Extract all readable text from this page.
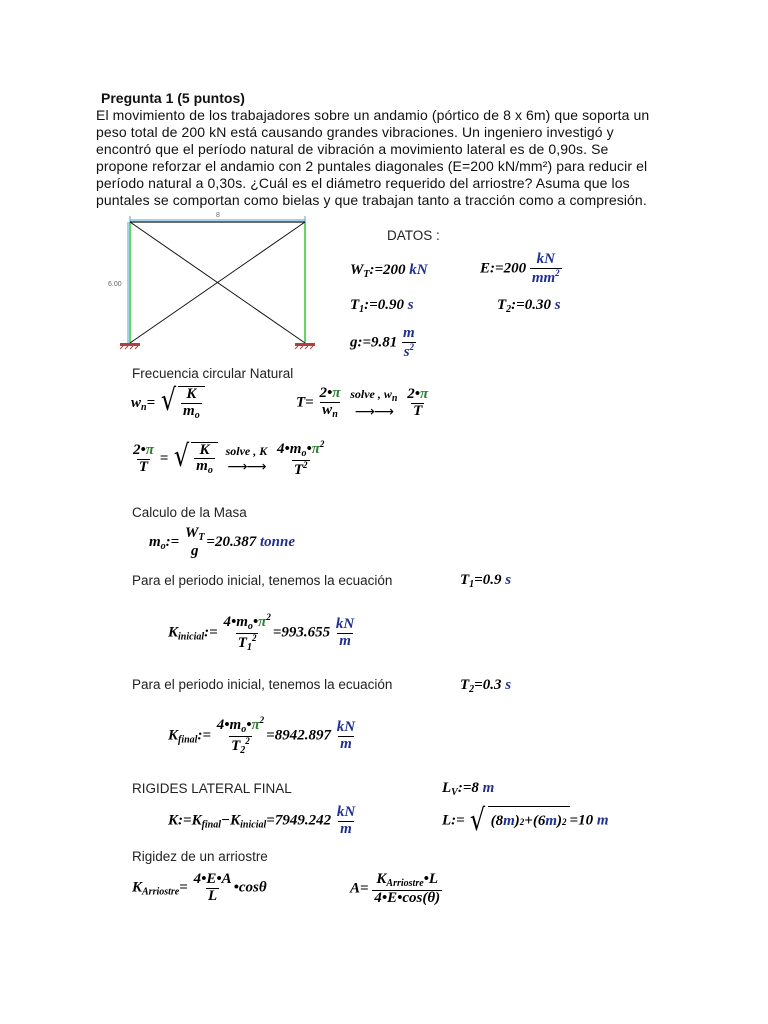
Pregunta 1 (5 puntos)
El movimiento de los trabajadores sobre un andamio (pórtico de 8 x 6m) que soporta un
peso total de 200 kN está causando grandes vibraciones. Un ingeniero investigó y
encontró que el período natural de vibración a movimiento lateral es de 0,90s. Se
propone reforzar el andamio con 2 puntales diagonales (E=200 kN/mm²) para reducir el
período natural a 0,30s. ¿Cuál es el diámetro requerido del arriostre? Asuma que los
puntales se comportan como bielas y que trabajan tanto a tracción como a compresión.
8
6.00
DATOS :
$W_T:=200$ kN	E:=200 $\frac{kN}{mm^2}$
$T_1:=0.90$ s	$T_2:=0.30$ s
g:=9.81 $\frac{m}{s^2}$
Frecuencia circular Natural
$w_n=$ √ $\frac{K}{m_o}$	$T= \frac{2•\pi}{w_n}$
solve , $w_n$
⟶⟶
$\frac{2•\pi}{T}$
$\frac{2•\pi}{T}$ = √ $\frac{K}{m_o}$
solve , K
⟶⟶
$\frac{4•m_o•\pi^2}{T^2}$
Calculo de la Masa
$m_o:=$
$W_T$
g
=20.387 tonne
Para el periodo inicial, tenemos la ecuación	$T_1=0.9$ s
$K_{inicial}:= \frac{4•m_o•\pi^2}{T_1^2} =993.655 \frac{kN}{m}$
Para el periodo inicial, tenemos la ecuación	$T_2=0.3$ s
$K_{final}:= \frac{4•m_o•\pi^2}{T_2^2} =8942.897 \frac{kN}{m}$
RIGIDES LATERAL FINAL	$L_V:=8$ m
$K:=K_{final}-K_{inicial}=7949.242 \frac{kN}{m}$	L:= √ ( 8 m ) 2 + ( 6 m ) 2 =10 m
Rigidez de un arriostre
$K_{Arriostre}= \frac{4•E•A}{L}$ •cosθ	$A= \frac{K_{Arriostre}•L}{4•E•\cos(\theta)}$
